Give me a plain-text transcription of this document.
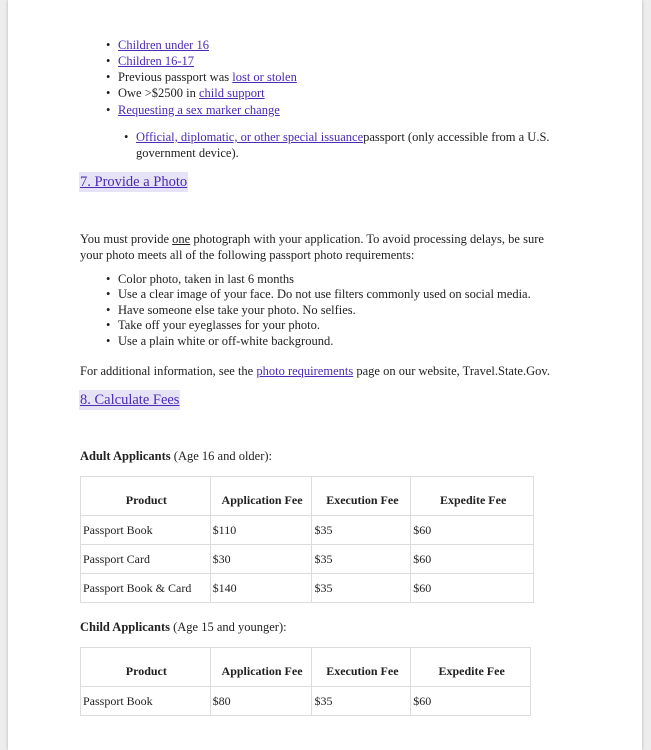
• Children under 16
• Children 16-17
• Previous passport was lost or stolen
• Owe >$2500 in child support
• Requesting a sex marker change
• Official, diplomatic, or other special issuancepassport (only accessible from a U.S.
government device).
7. Provide a Photo
You must provide one photograph with your application. To avoid processing delays, be sure
your photo meets all of the following passport photo requirements:
• Color photo, taken in last 6 months
• Use a clear image of your face. Do not use filters commonly used on social media.
• Have someone else take your photo. No selfies.
• Take off your eyeglasses for your photo.
• Use a plain white or off-white background.
For additional information, see the photo requirements page on our website, Travel.State.Gov.
8. Calculate Fees
Adult Applicants (Age 16 and older):
Product	Application Fee	Execution Fee	Expedite Fee
Passport Book	$110	$35	$60
Passport Card	$30	$35	$60
Passport Book & Card	$140	$35	$60
Child Applicants (Age 15 and younger):
Product	Application Fee	Execution Fee	Expedite Fee
Passport Book	$80	$35	$60
